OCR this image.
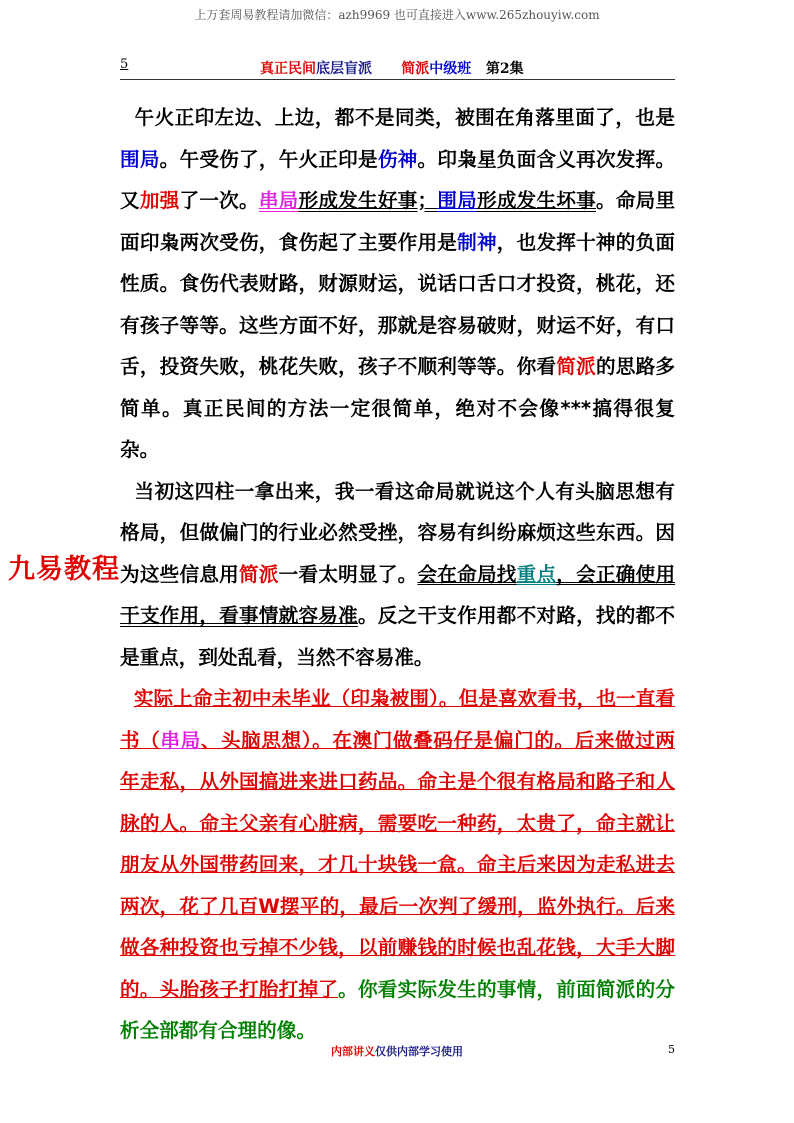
上万套周易教程请加微信：azh9969 也可直接进入www.265zhouyiw.com
5	真正民间底层盲派 简派中级班 第2集

午火正印左边、上边，都不是同类，被围在角落里面了，也是围局。午受伤了，午火正印是伤神。印枭星负面含义再次发挥。又加强了一次。串局形成发生好事；围局形成发生坏事。命局里面印枭两次受伤，食伤起了主要作用是制神，也发挥十神的负面性质。食伤代表财路，财源财运，说话口舌口才投资，桃花，还有孩子等等。这些方面不好，那就是容易破财，财运不好，有口舌，投资失败，桃花失败，孩子不顺利等等。你看简派的思路多简单。真正民间的方法一定很简单，绝对不会像***搞得很复杂。

当初这四柱一拿出来，我一看这命局就说这个人有头脑思想有格局，但做偏门的行业必然受挫，容易有纠纷麻烦这些东西。因为这些信息用简派一看太明显了。会在命局找重点，会正确使用干支作用，看事情就容易准。反之干支作用都不对路，找的都不是重点，到处乱看，当然不容易准。

实际上命主初中未毕业（印枭被围）。但是喜欢看书，也一直看书（串局、头脑思想）。在澳门做叠码仔是偏门的。后来做过两年走私，从外国搞进来进口药品。命主是个很有格局和路子和人脉的人。命主父亲有心脏病，需要吃一种药，太贵了，命主就让朋友从外国带药回来，才几十块钱一盒。命主后来因为走私进去两次，花了几百W摆平的，最后一次判了缓刑，监外执行。后来做各种投资也亏掉不少钱，以前赚钱的时候也乱花钱，大手大脚的。头胎孩子打胎打掉了。你看实际发生的事情，前面简派的分析全部都有合理的像。

九易教程
内部讲义仅供内部学习使用	5
